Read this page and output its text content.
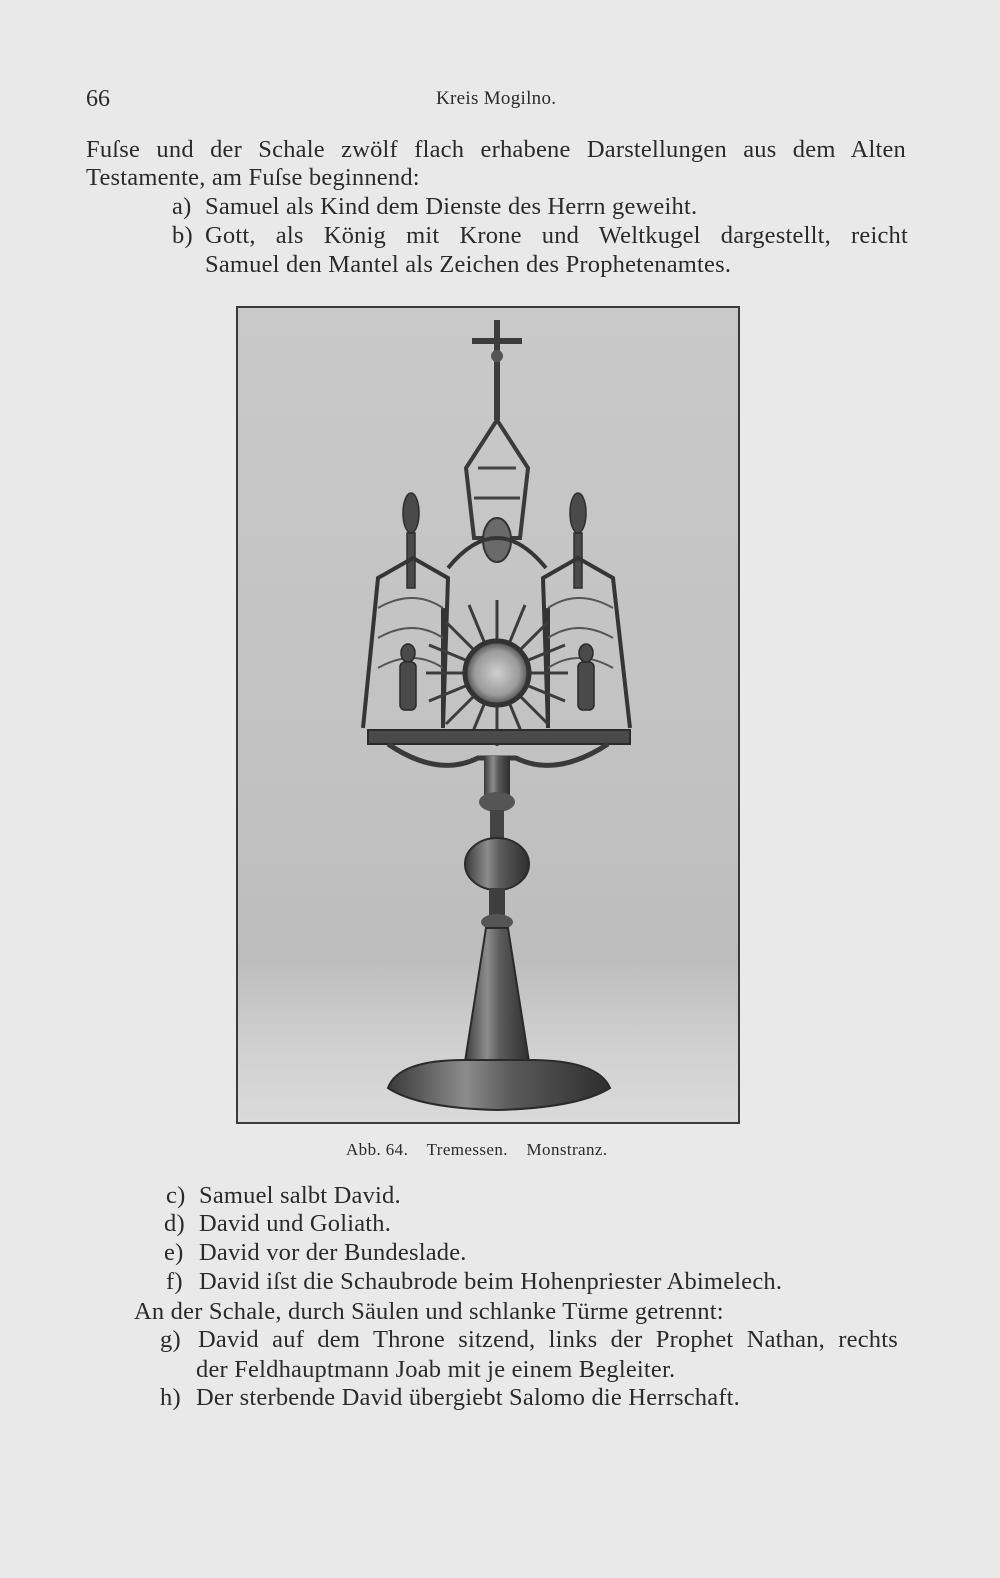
66	Kreis Mogilno.
Fuſse und der Schale zwölf flach erhabene Darstellungen aus dem Alten
Testamente, am Fuſse beginnend:
a) Samuel als Kind dem Dienste des Herrn geweiht.
b) Gott, als König mit Krone und Weltkugel dargestellt, reicht
Samuel den Mantel als Zeichen des Prophetenamtes.
Abb. 64. Tremessen. Monstranz.
c) Samuel salbt David.
d) David und Goliath.
e) David vor der Bundeslade.
f) David iſst die Schaubrode beim Hohenpriester Abimelech.
An der Schale, durch Säulen und schlanke Türme getrennt:
g) David auf dem Throne sitzend, links der Prophet Nathan, rechts
der Feldhauptmann Joab mit je einem Begleiter.
h) Der sterbende David übergiebt Salomo die Herrschaft.
